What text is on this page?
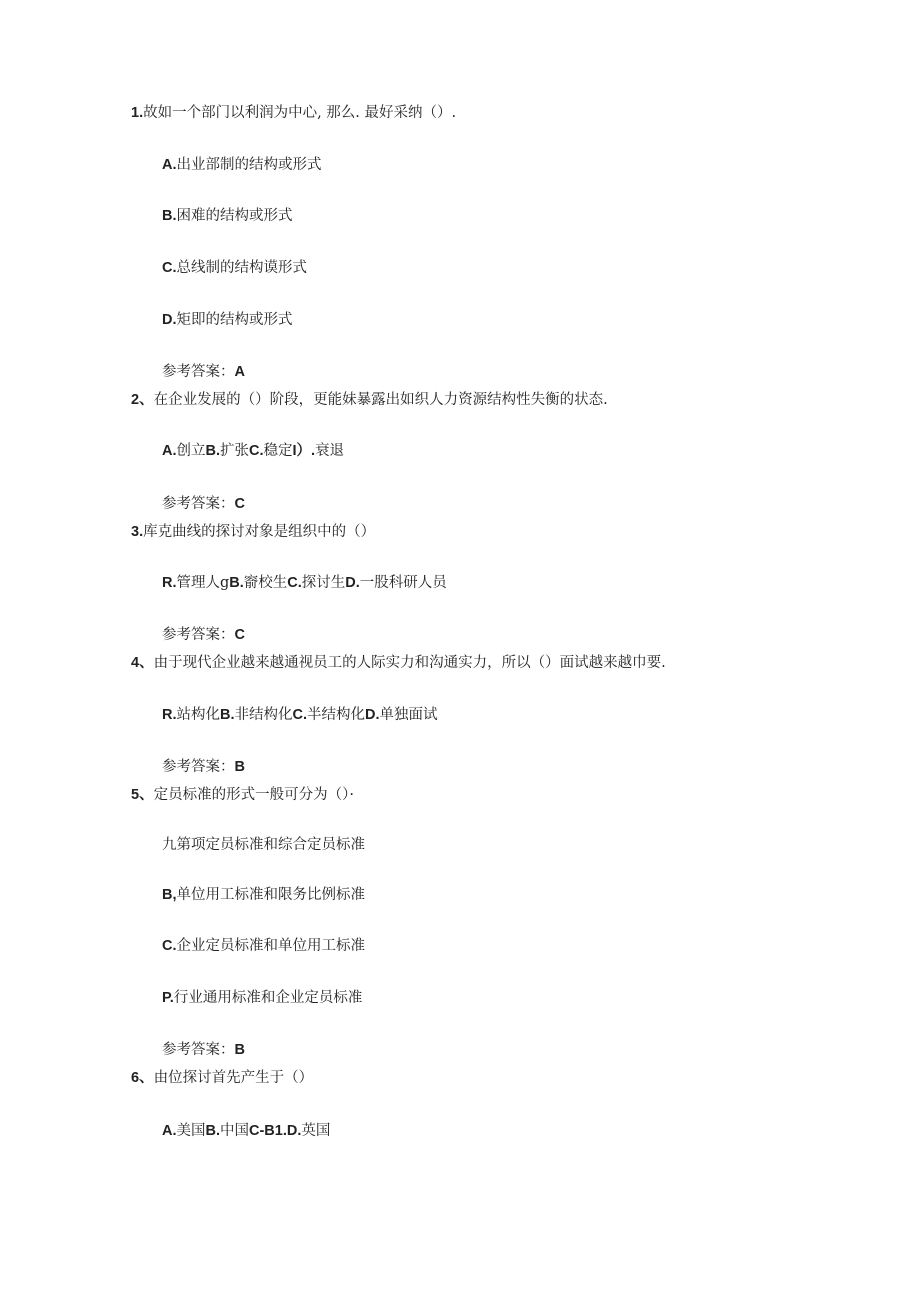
1.故如一个部门以利润为中心, 那么. 最好采纳（）.
A.出业部制的结构或形式
B.困难的结构或形式
C.总线制的结构谟形式
D.矩即的结构或形式
参考答案：A
2、在企业发展的（）阶段，更能妹暴露出如织人力资源结构性失衡的状态.
A.创立B.扩张C.稳定I）.衰退
参考答案：C
3.库克曲线的探讨对象是组织中的（）
R.管理人gB.窬校生C.探讨生D.一股科研人员
参考答案：C
4、由于现代企业越来越通视员工的人际实力和沟通实力，所以（）面试越来越巾要.
R.站构化B.非结构化C.半结构化D.单独面试
参考答案：B
5、定员标准的形式一般可分为（）·
九第项定员标准和综合定员标准
B,单位用工标准和限务比例标准
C.企业定员标准和单位用工标准
P.行业通用标准和企业定员标准
参考答案：B
6、由位探讨首先产生于（）
A.美国B.中国C-B1.D.英国
